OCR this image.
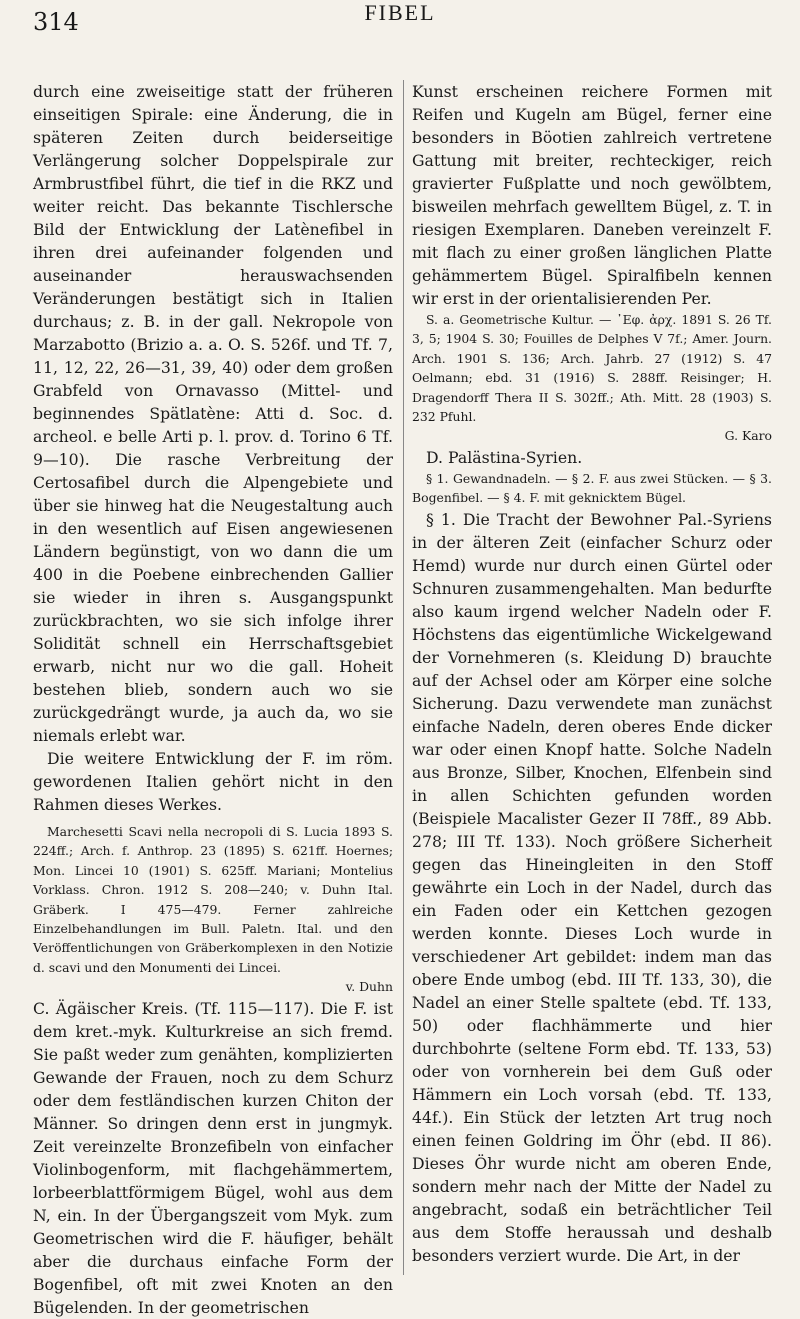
314	FIBEL

durch eine zweiseitige statt der früheren einseitigen Spirale: eine Änderung, die in späteren Zeiten durch beiderseitige Verlängerung solcher Doppelspirale zur Armbrustfibel führt, die tief in die RKZ und weiter reicht. Das bekannte Tischlersche Bild der Entwicklung der Latènefibel in ihren drei aufeinander folgenden und auseinander herauswachsenden Veränderungen bestätigt sich in Italien durchaus; z. B. in der gall. Nekropole von Marzabotto (Brizio a. a. O. S. 526f. und Tf. 7, 11, 12, 22, 26—31, 39, 40) oder dem großen Grabfeld von Ornavasso (Mittel- und beginnendes Spätlatène: Atti d. Soc. d. archeol. e belle Arti p. l. prov. d. Torino 6 Tf. 9—10). Die rasche Verbreitung der Certosafibel durch die Alpengebiete und über sie hinweg hat die Neugestaltung auch in den wesentlich auf Eisen angewiesenen Ländern begünstigt, von wo dann die um 400 in die Poebene einbrechenden Gallier sie wieder in ihren s. Ausgangspunkt zurückbrachten, wo sie sich infolge ihrer Solidität schnell ein Herrschaftsgebiet erwarb, nicht nur wo die gall. Hoheit bestehen blieb, sondern auch wo sie zurückgedrängt wurde, ja auch da, wo sie niemals erlebt war.

Die weitere Entwicklung der F. im röm. gewordenen Italien gehört nicht in den Rahmen dieses Werkes.

Marchesetti Scavi nella necropoli di S. Lucia 1893 S. 224ff.; Arch. f. Anthrop. 23 (1895) S. 621ff. Hoernes; Mon. Lincei 10 (1901) S. 625ff. Mariani; Montelius Vorklass. Chron. 1912 S. 208—240; v. Duhn Ital. Gräberk. I 475—479. Ferner zahlreiche Einzelbehandlungen im Bull. Paletn. Ital. und den Veröffentlichungen von Gräberkomplexen in den Notizie d. scavi und den Monumenti dei Lincei.

v. Duhn

C. Ägäischer Kreis. (Tf. 115—117). Die F. ist dem kret.-myk. Kulturkreise an sich fremd. Sie paßt weder zum genähten, komplizierten Gewande der Frauen, noch zu dem Schurz oder dem festländischen kurzen Chiton der Männer. So dringen denn erst in jungmyk. Zeit vereinzelte Bronzefibeln von einfacher Violinbogenform, mit flachgehämmertem, lorbeerblattförmigem Bügel, wohl aus dem N, ein. In der Übergangszeit vom Myk. zum Geometrischen wird die F. häufiger, behält aber die durchaus einfache Form der Bogenfibel, oft mit zwei Knoten an den Bügelenden. In der geometrischen

Kunst erscheinen reichere Formen mit Reifen und Kugeln am Bügel, ferner eine besonders in Böotien zahlreich vertretene Gattung mit breiter, rechteckiger, reich gravierter Fußplatte und noch gewölbtem, bisweilen mehrfach gewelltem Bügel, z. T. in riesigen Exemplaren. Daneben vereinzelt F. mit flach zu einer großen länglichen Platte gehämmertem Bügel. Spiralfibeln kennen wir erst in der orientalisierenden Per.

S. a. Geometrische Kultur. — ᾽Εφ. ἀρχ. 1891 S. 26 Tf. 3, 5; 1904 S. 30; Fouilles de Delphes V 7f.; Amer. Journ. Arch. 1901 S. 136; Arch. Jahrb. 27 (1912) S. 47 Oelmann; ebd. 31 (1916) S. 288ff. Reisinger; H. Dragendorff Thera II S. 302ff.; Ath. Mitt. 28 (1903) S. 232 Pfuhl.

G. Karo

D. Palästina-Syrien.

§ 1. Gewandnadeln. — § 2. F. aus zwei Stücken. — § 3. Bogenfibel. — § 4. F. mit geknicktem Bügel.

§ 1. Die Tracht der Bewohner Pal.-Syriens in der älteren Zeit (einfacher Schurz oder Hemd) wurde nur durch einen Gürtel oder Schnuren zusammengehalten. Man bedurfte also kaum irgend welcher Nadeln oder F. Höchstens das eigentümliche Wickelgewand der Vornehmeren (s. Kleidung D) brauchte auf der Achsel oder am Körper eine solche Sicherung. Dazu verwendete man zunächst einfache Nadeln, deren oberes Ende dicker war oder einen Knopf hatte. Solche Nadeln aus Bronze, Silber, Knochen, Elfenbein sind in allen Schichten gefunden worden (Beispiele Macalister Gezer II 78ff., 89 Abb. 278; III Tf. 133). Noch größere Sicherheit gegen das Hineingleiten in den Stoff gewährte ein Loch in der Nadel, durch das ein Faden oder ein Kettchen gezogen werden konnte. Dieses Loch wurde in verschiedener Art gebildet: indem man das obere Ende umbog (ebd. III Tf. 133, 30), die Nadel an einer Stelle spaltete (ebd. Tf. 133, 50) oder flachhämmerte und hier durchbohrte (seltene Form ebd. Tf. 133, 53) oder von vornherein bei dem Guß oder Hämmern ein Loch vorsah (ebd. Tf. 133, 44f.). Ein Stück der letzten Art trug noch einen feinen Goldring im Öhr (ebd. II 86). Dieses Öhr wurde nicht am oberen Ende, sondern mehr nach der Mitte der Nadel zu angebracht, sodaß ein beträchtlicher Teil aus dem Stoffe heraussah und deshalb besonders verziert wurde. Die Art, in der
